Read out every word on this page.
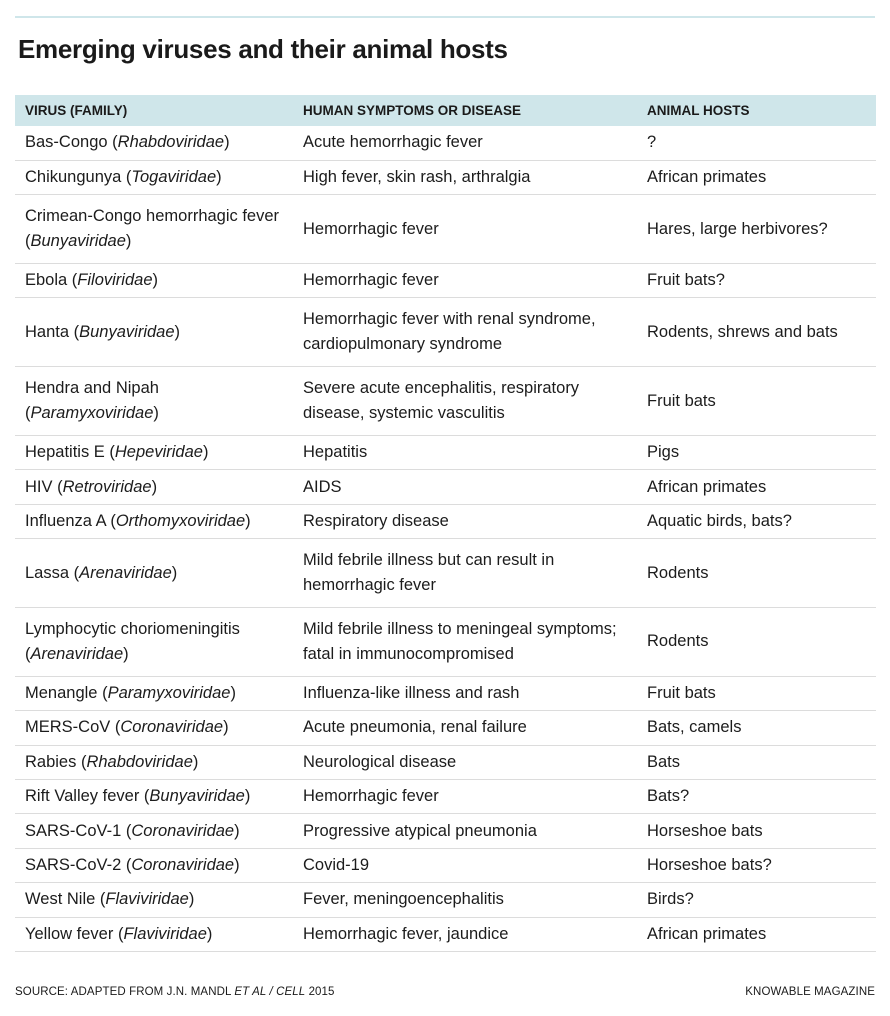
Emerging viruses and their animal hosts
VIRUS (FAMILY)	HUMAN SYMPTOMS OR DISEASE	ANIMAL HOSTS
Bas-Congo (Rhabdoviridae)	Acute hemorrhagic fever	?
Chikungunya (Togaviridae)	High fever, skin rash, arthralgia	African primates
Crimean-Congo hemorrhagic fever (Bunyaviridae)	Hemorrhagic fever	Hares, large herbivores?
Ebola (Filoviridae)	Hemorrhagic fever	Fruit bats?
Hanta (Bunyaviridae)	Hemorrhagic fever with renal syndrome, cardiopulmonary syndrome	Rodents, shrews and bats
Hendra and Nipah (Paramyxoviridae)	Severe acute encephalitis, respiratory disease, systemic vasculitis	Fruit bats
Hepatitis E (Hepeviridae)	Hepatitis	Pigs
HIV (Retroviridae)	AIDS	African primates
Influenza A (Orthomyxoviridae)	Respiratory disease	Aquatic birds, bats?
Lassa (Arenaviridae)	Mild febrile illness but can result in hemorrhagic fever	Rodents
Lymphocytic choriomeningitis (Arenaviridae)	Mild febrile illness to meningeal symptoms; fatal in immunocompromised	Rodents
Menangle (Paramyxoviridae)	Influenza-like illness and rash	Fruit bats
MERS-CoV (Coronaviridae)	Acute pneumonia, renal failure	Bats, camels
Rabies (Rhabdoviridae)	Neurological disease	Bats
Rift Valley fever (Bunyaviridae)	Hemorrhagic fever	Bats?
SARS-CoV-1 (Coronaviridae)	Progressive atypical pneumonia	Horseshoe bats
SARS-CoV-2 (Coronaviridae)	Covid-19	Horseshoe bats?
West Nile (Flaviviridae)	Fever, meningoencephalitis	Birds?
Yellow fever (Flaviviridae)	Hemorrhagic fever, jaundice	African primates
SOURCE: ADAPTED FROM J.N. MANDL ET AL / CELL 2015	KNOWABLE MAGAZINE
